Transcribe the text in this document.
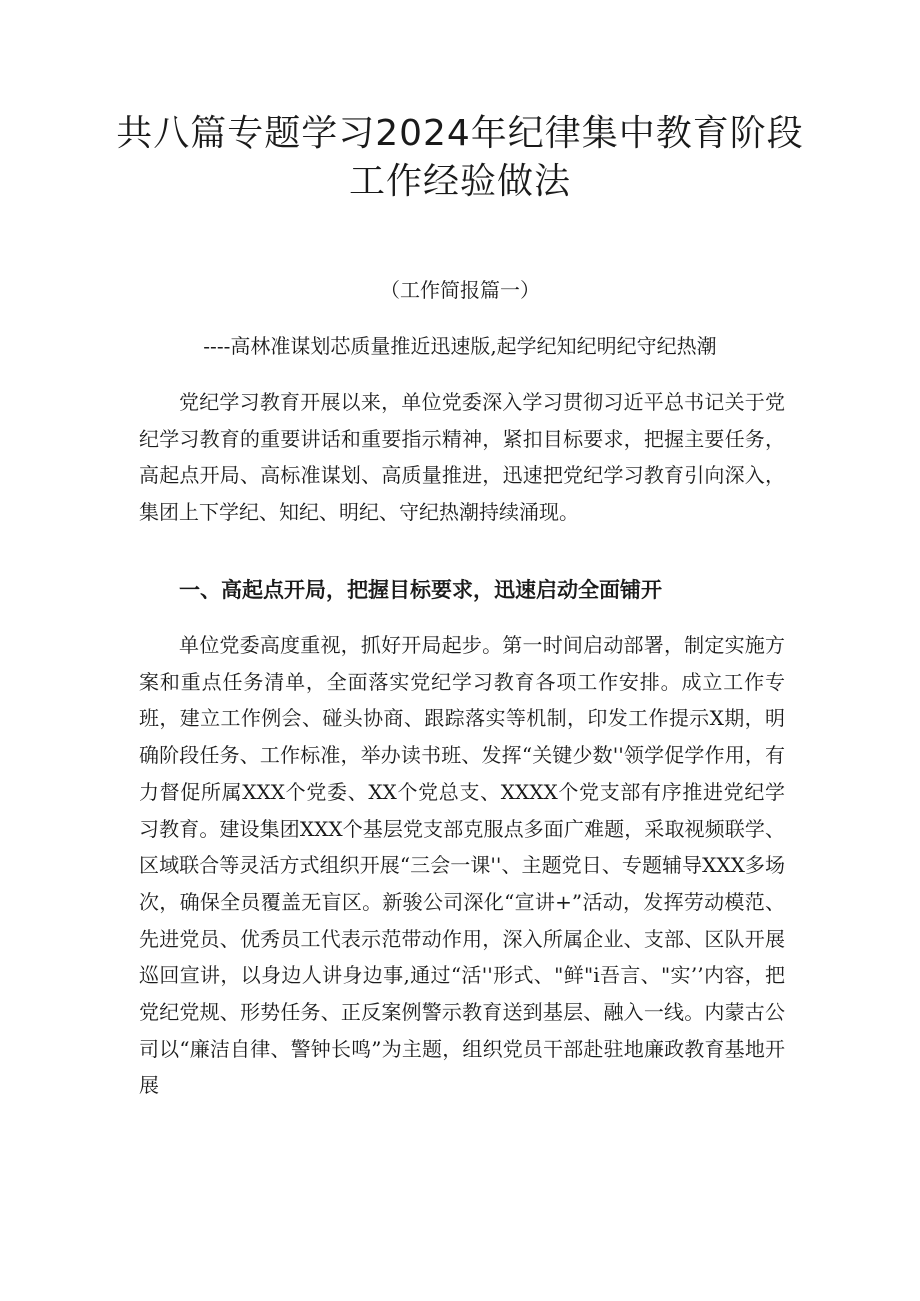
共八篇专题学习2024年纪律集中教育阶段
工作经验做法

（工作简报篇一）

----高林准谋划芯质量推近迅速版,起学纪知纪明纪守纪热潮

党纪学习教育开展以来，单位党委深入学习贯彻习近平总书记关于党纪学习教育的重要讲话和重要指示精神，紧扣目标要求，把握主要任务，高起点开局、高标准谋划、高质量推进，迅速把党纪学习教育引向深入，集团上下学纪、知纪、明纪、守纪热潮持续涌现。

一、高起点开局，把握目标要求，迅速启动全面铺开

单位党委高度重视，抓好开局起步。第一时间启动部署，制定实施方案和重点任务清单，全面落实党纪学习教育各项工作安排。成立工作专班，建立工作例会、碰头协商、跟踪落实等机制，印发工作提示X期，明确阶段任务、工作标准，举办读书班、发挥“关键少数''领学促学作用，有力督促所属XXX个党委、XX个党总支、XXXX个党支部有序推进党纪学习教育。建设集团XXX个基层党支部克服点多面广难题，采取视频联学、区域联合等灵活方式组织开展“三会一课''、主题党日、专题辅导XXX多场次，确保全员覆盖无盲区。新骏公司深化“宣讲+”活动，发挥劳动模范、先进党员、优秀员工代表示范带动作用，深入所属企业、支部、区队开展巡回宣讲，以身边人讲身边事,通过“活''形式、"鲜"i吾言、"实’’内容，把党纪党规、形势任务、正反案例警示教育送到基层、融入一线。内蒙古公司以“廉洁自律、警钟长鸣”为主题，组织党员干部赴驻地廉政教育基地开展
